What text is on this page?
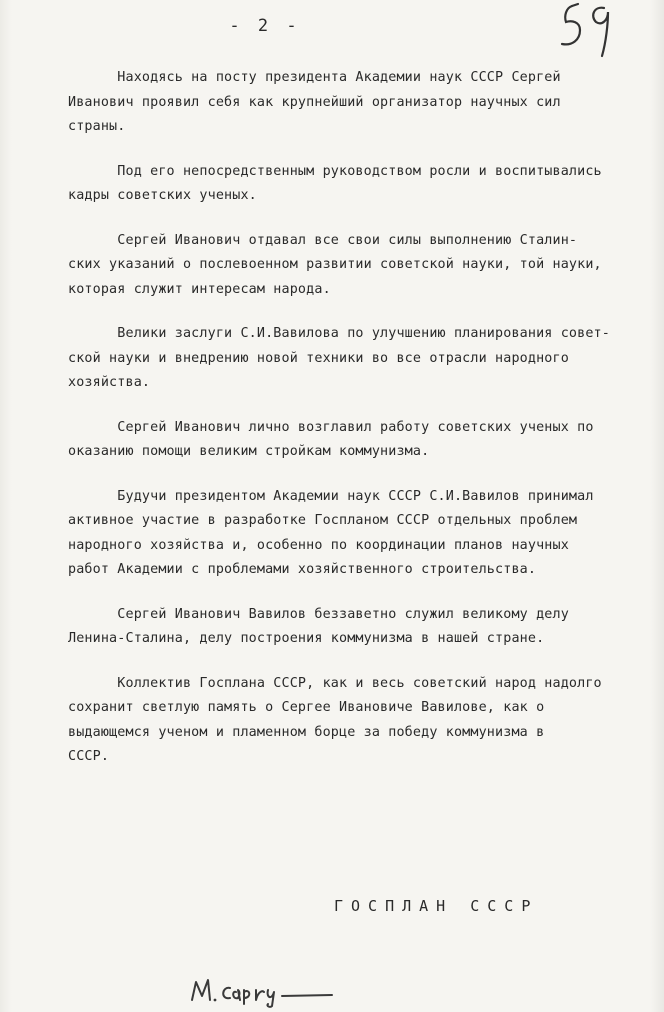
- 2 -
Находясь на посту президента Академии наук СССР Сергей
Иванович проявил себя как крупнейший организатор научных сил
страны.
Под его непосредственным руководством росли и воспитывались
кадры советских ученых.
Сергей Иванович отдавал все свои силы выполнению Сталин-
ских указаний о послевоенном развитии советской науки, той науки,
которая служит интересам народа.
Велики заслуги С.И.Вавилова по улучшению планирования совет-
ской науки и внедрению новой техники во все отрасли народного
хозяйства.
Сергей Иванович лично возглавил работу советских ученых по
оказанию помощи великим стройкам коммунизма.
Будучи президентом Академии наук СССР С.И.Вавилов принимал
активное участие в разработке Госпланом СССР отдельных проблем
народного хозяйства и, особенно по координации планов научных
работ Академии с проблемами хозяйственного строительства.
Сергей Иванович Вавилов беззаветно служил великому делу
Ленина-Сталина, делу построения коммунизма в нашей стране.
Коллектив Госплана СССР, как и весь советский народ надолго
сохранит светлую память о Сергее Ивановиче Вавилове, как о
выдающемся ученом и пламенном борце за победу коммунизма в
СССР.
ГОСПЛАН СССР
